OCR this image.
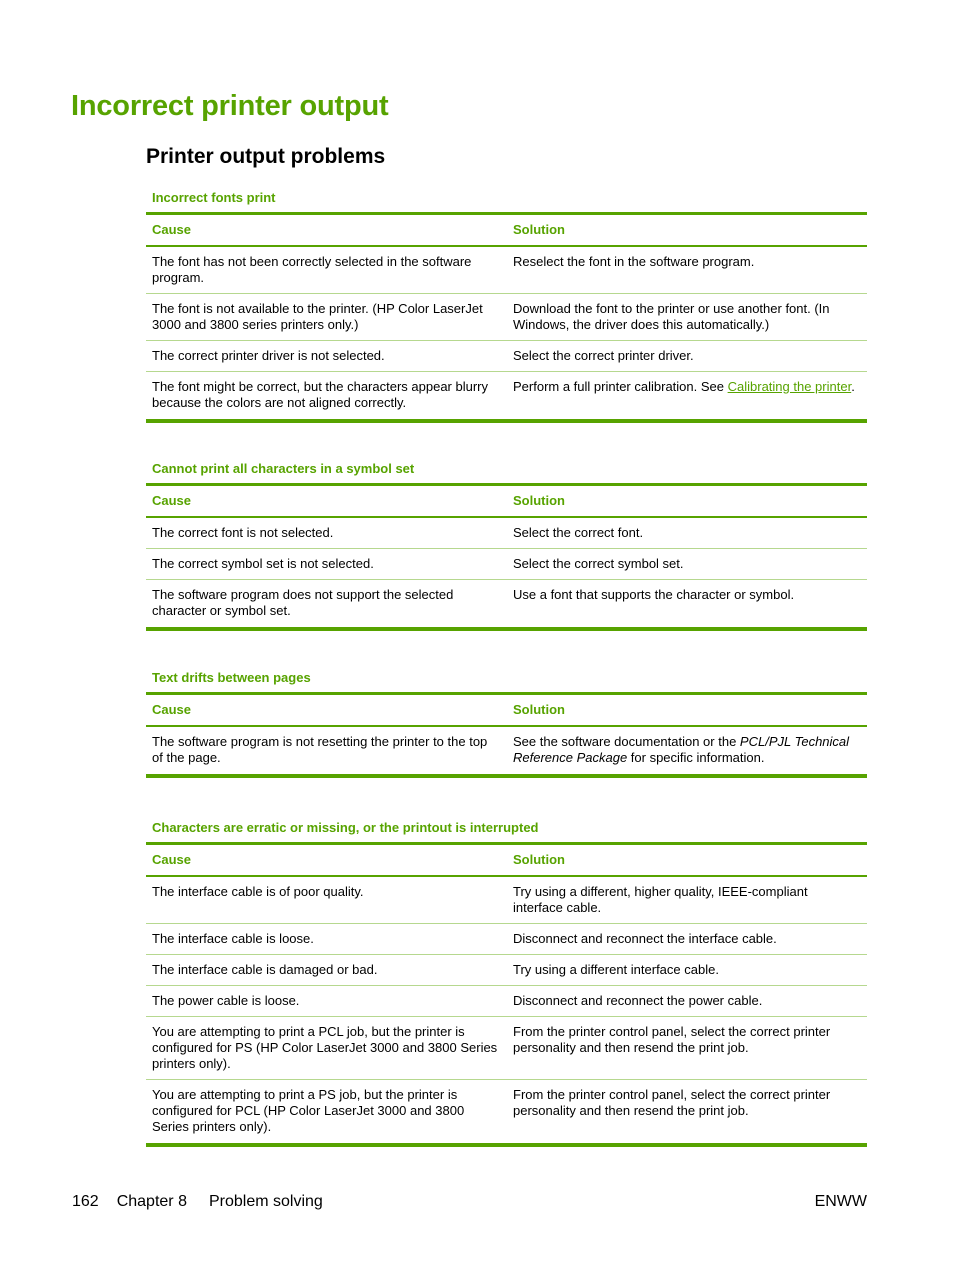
Incorrect printer output
Printer output problems
Incorrect fonts print
Cause	Solution
The font has not been correctly selected in the software program.	Reselect the font in the software program.
The font is not available to the printer. (HP Color LaserJet 3000 and 3800 series printers only.)	Download the font to the printer or use another font. (In Windows, the driver does this automatically.)
The correct printer driver is not selected.	Select the correct printer driver.
The font might be correct, but the characters appear blurry because the colors are not aligned correctly.	Perform a full printer calibration. See Calibrating the printer.
Cannot print all characters in a symbol set
Cause	Solution
The correct font is not selected.	Select the correct font.
The correct symbol set is not selected.	Select the correct symbol set.
The software program does not support the selected character or symbol set.	Use a font that supports the character or symbol.
Text drifts between pages
Cause	Solution
The software program is not resetting the printer to the top of the page.	See the software documentation or the PCL/PJL Technical Reference Package for specific information.
Characters are erratic or missing, or the printout is interrupted
Cause	Solution
The interface cable is of poor quality.	Try using a different, higher quality, IEEE-compliant interface cable.
The interface cable is loose.	Disconnect and reconnect the interface cable.
The interface cable is damaged or bad.	Try using a different interface cable.
The power cable is loose.	Disconnect and reconnect the power cable.
You are attempting to print a PCL job, but the printer is configured for PS (HP Color LaserJet 3000 and 3800 Series printers only).	From the printer control panel, select the correct printer personality and then resend the print job.
You are attempting to print a PS job, but the printer is configured for PCL (HP Color LaserJet 3000 and 3800 Series printers only).	From the printer control panel, select the correct printer personality and then resend the print job.
162 Chapter 8 Problem solving	ENWW
